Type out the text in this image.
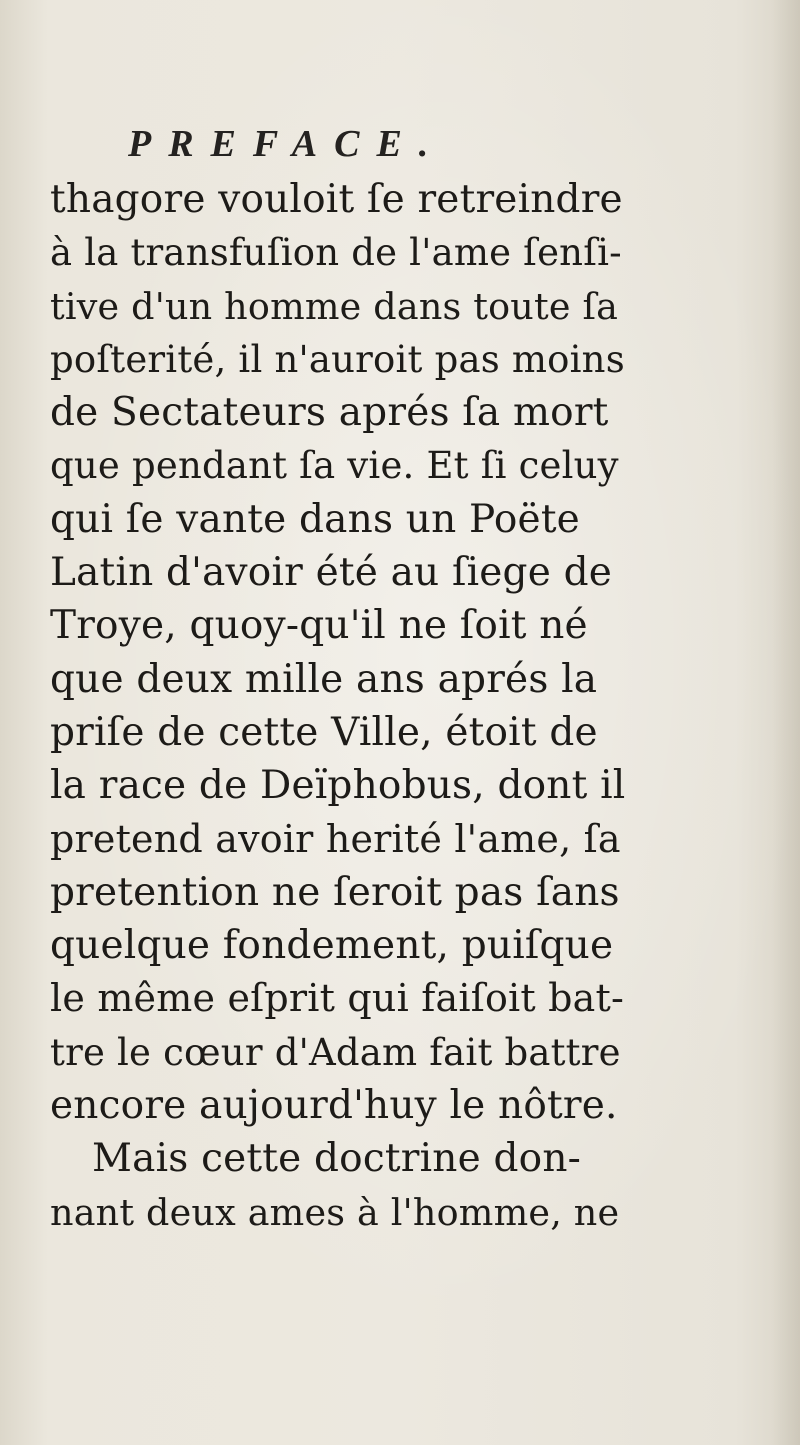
PREFACE.
thagore vouloit ſe retreindre
à la transfuſion de l'ame ſenſi-
tive d'un homme dans toute ſa
poſterité, il n'auroit pas moins
de Sectateurs aprés ſa mort
que pendant ſa vie. Et ſi celuy
qui ſe vante dans un Poëte
Latin d'avoir été au ſiege de
Troye, quoy-qu'il ne ſoit né
que deux mille ans aprés la
priſe de cette Ville, étoit de
la race de Deïphobus, dont il
pretend avoir herité l'ame, ſa
pretention ne ſeroit pas ſans
quelque fondement, puiſque
le même eſprit qui faiſoit bat-
tre le cœur d'Adam fait battre
encore aujourd'huy le nôtre.
Mais cette doctrine don-
nant deux ames à l'homme, ne
